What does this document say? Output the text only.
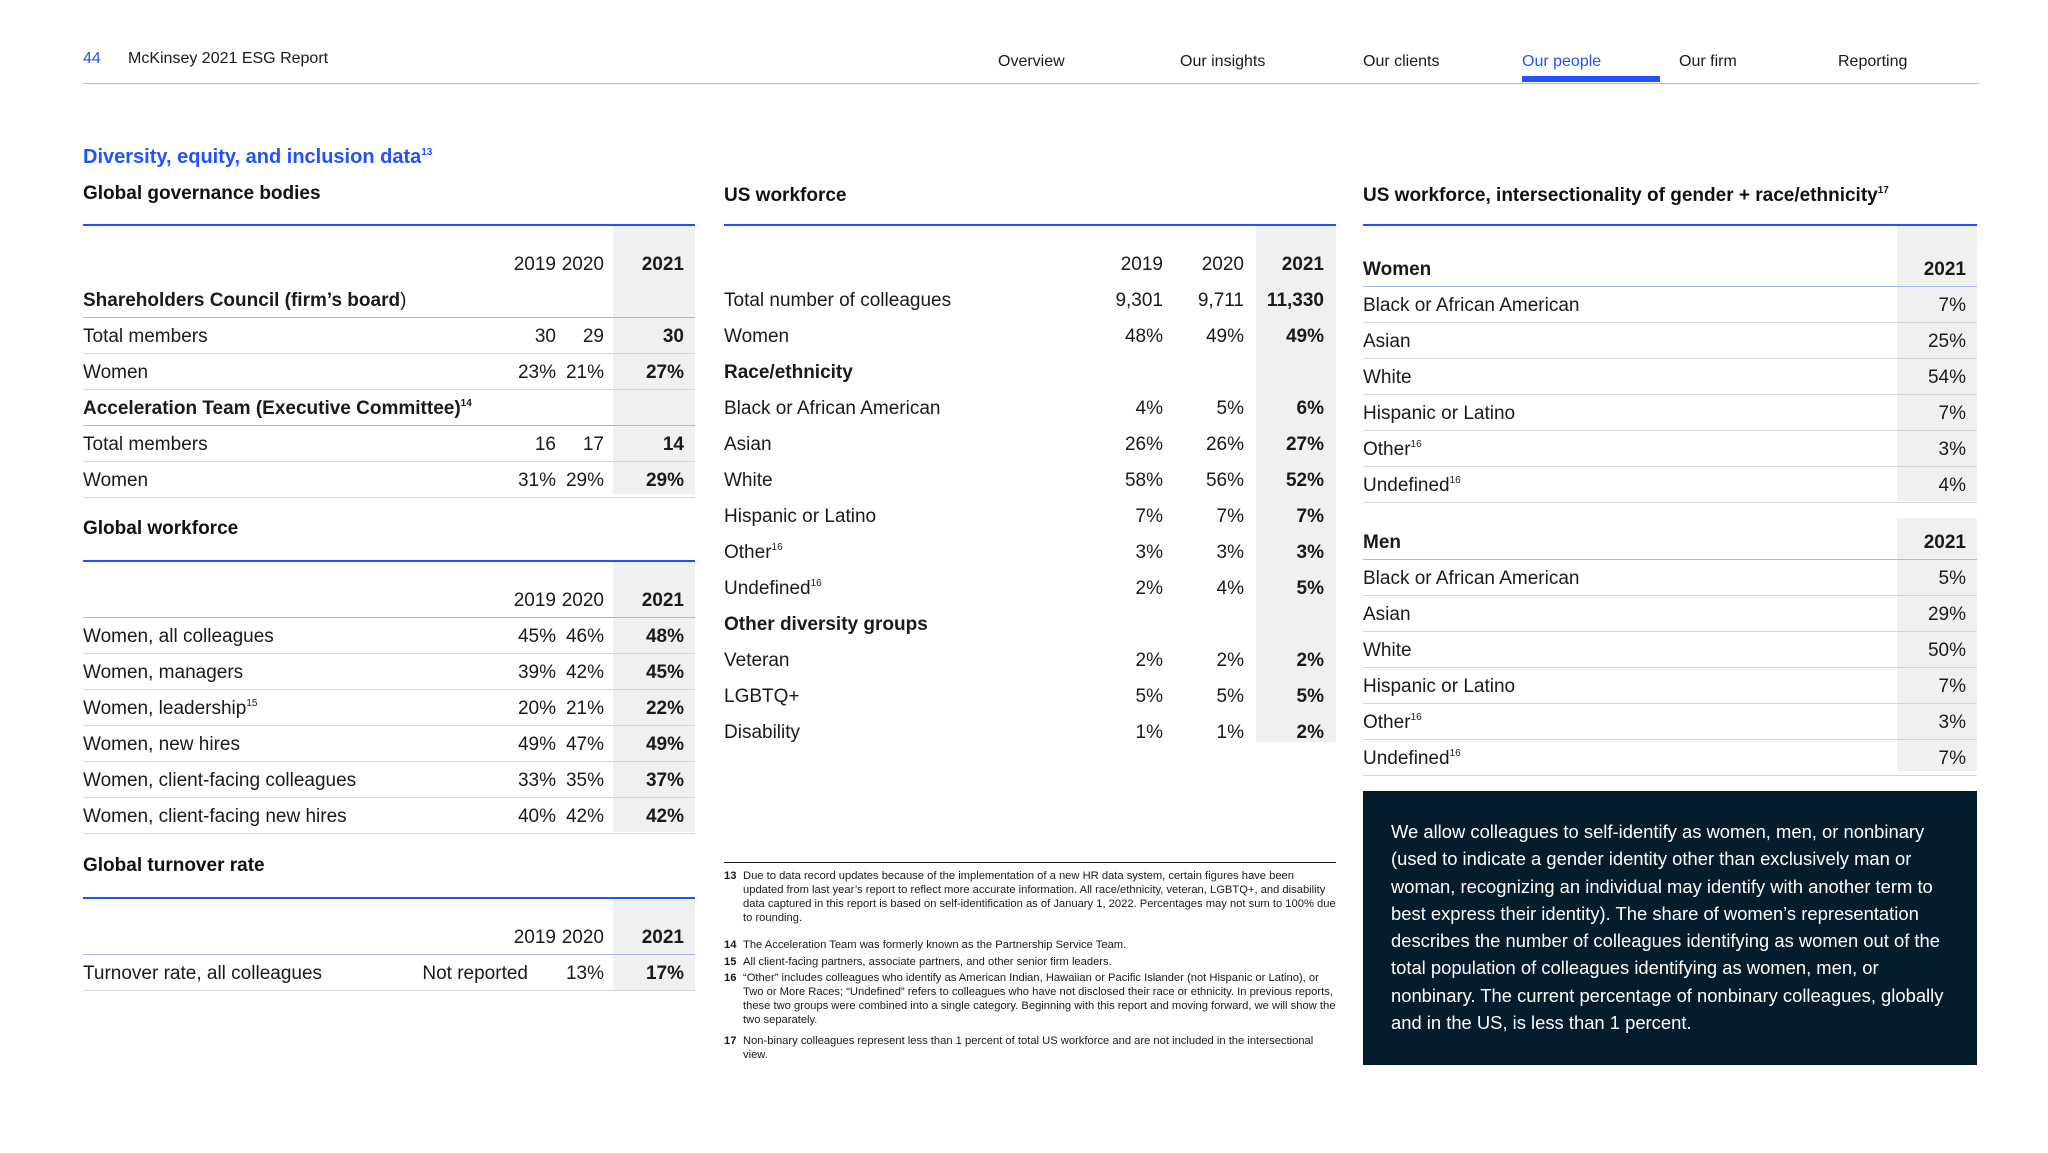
44 McKinsey 2021 ESG Report	Overview	Our insights	Our clients	Our people	Our firm	Reporting
Diversity, equity, and inclusion data$^{13}$
Global governance bodies
2019 2020 2021
Shareholders Council (firm’s board)
Total members	30 29	30
Women	23% 21% 27%
Acceleration Team (Executive Committee)$^{14}$
Total members	16 17	14
Women	31% 29% 29%
Global workforce
2019 2020 2021
Women, all colleagues	45% 46% 48%
Women, managers	39% 42% 45%
Women, leadership$^{15}$	20% 21% 22%
Women, new hires	49% 47% 49%
Women, client-facing colleagues	33% 35% 37%
Women, client-facing new hires	40% 42% 42%
Global turnover rate
2019 2020 2021
Turnover rate, all colleagues	Not reported 13% 17%
US workforce
2019 2020 2021
Total number of colleagues	9,301 9,711 11,330
Women	48% 49% 49%
Race/ethnicity
Black or African American	4%	5%	6%
Asian	26% 26% 27%
White	58% 56% 52%
Hispanic or Latino	7%	7%	7%
Other$^{16}$	3%	3%	3%
Undefined$^{16}$	2%	4%	5%
Other diversity groups
Veteran	2%	2%	2%
LGBTQ+	5%	5%	5%
Disability	1%	1%	2%
13 Due to data record updates because of the implementation of a new HR data system, certain figures have been updated from last year’s report to reflect more accurate information. All race/ethnicity, veteran, LGBTQ+, and disability data captured in this report is based on self-identification as of January 1, 2022. Percentages may not sum to 100% due to rounding.
14 The Acceleration Team was formerly known as the Partnership Service Team.
15 All client-facing partners, associate partners, and other senior firm leaders.
16 “Other” includes colleagues who identify as American Indian, Hawaiian or Pacific Islander (not Hispanic or Latino), or Two or More Races; “Undefined” refers to colleagues who have not disclosed their race or ethnicity. In previous reports, these two groups were combined into a single category. Beginning with this report and moving forward, we will show the two separately.
17 Non-binary colleagues represent less than 1 percent of total US workforce and are not included in the intersectional view.
US workforce, intersectionality of gender + race/ethnicity$^{17}$
Women	2021
Black or African American	7%
Asian	25%
White	54%
Hispanic or Latino	7%
Other$^{16}$	3%
Undefined$^{16}$	4%
Men	2021
Black or African American	5%
Asian	29%
White	50%
Hispanic or Latino	7%
Other$^{16}$	3%
Undefined$^{16}$	7%

We allow colleagues to self-identify as women, men, or nonbinary (used to indicate a gender identity other than exclusively man or woman, recognizing an individual may identify with another term to best express their identity). The share of women’s representation describes the number of colleagues identifying as women out of the total population of colleagues identifying as women, men, or nonbinary. The current percentage of nonbinary colleagues, globally and in the US, is less than 1 percent.
